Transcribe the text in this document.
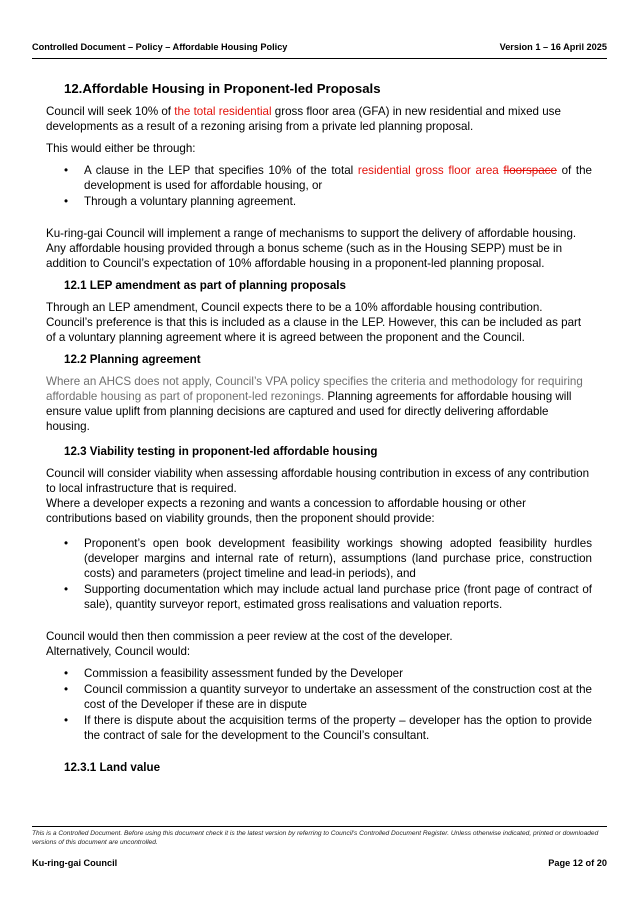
Controlled Document – Policy – Affordable Housing Policy	Version 1 – 16 April 2025
12.Affordable Housing in Proponent-led Proposals

Council will seek 10% of the total residential gross floor area (GFA) in new residential and mixed use developments as a result of a rezoning arising from a private led planning proposal.

This would either be through:

• A clause in the LEP that specifies 10% of the total residential gross floor area floorspace of the development is used for affordable housing, or
• Through a voluntary planning agreement.

Ku-ring-gai Council will implement a range of mechanisms to support the delivery of affordable housing. Any affordable housing provided through a bonus scheme (such as in the Housing SEPP) must be in addition to Council’s expectation of 10% affordable housing in a proponent-led planning proposal.

12.1 LEP amendment as part of planning proposals

Through an LEP amendment, Council expects there to be a 10% affordable housing contribution. Council’s preference is that this is included as a clause in the LEP. However, this can be included as part of a voluntary planning agreement where it is agreed between the proponent and the Council.

12.2 Planning agreement

Where an AHCS does not apply, Council’s VPA policy specifies the criteria and methodology for requiring affordable housing as part of proponent-led rezonings. Planning agreements for affordable housing will ensure value uplift from planning decisions are captured and used for directly delivering affordable housing.

12.3 Viability testing in proponent-led affordable housing

Council will consider viability when assessing affordable housing contribution in excess of any contribution to local infrastructure that is required.

Where a developer expects a rezoning and wants a concession to affordable housing or other contributions based on viability grounds, then the proponent should provide:

• Proponent’s open book development feasibility workings showing adopted feasibility hurdles (developer margins and internal rate of return), assumptions (land purchase price, construction costs) and parameters (project timeline and lead-in periods), and
• Supporting documentation which may include actual land purchase price (front page of contract of sale), quantity surveyor report, estimated gross realisations and valuation reports.

Council would then then commission a peer review at the cost of the developer.

Alternatively, Council would:

• Commission a feasibility assessment funded by the Developer
• Council commission a quantity surveyor to undertake an assessment of the construction cost at the cost of the Developer if these are in dispute
• If there is dispute about the acquisition terms of the property – developer has the option to provide the contract of sale for the development to the Council’s consultant.
12.3.1 Land value
This is a Controlled Document. Before using this document check it is the latest version by referring to Council’s Controlled Document Register. Unless otherwise indicated, printed or downloaded versions of this document are uncontrolled.
Ku-ring-gai Council	Page 12 of 20
